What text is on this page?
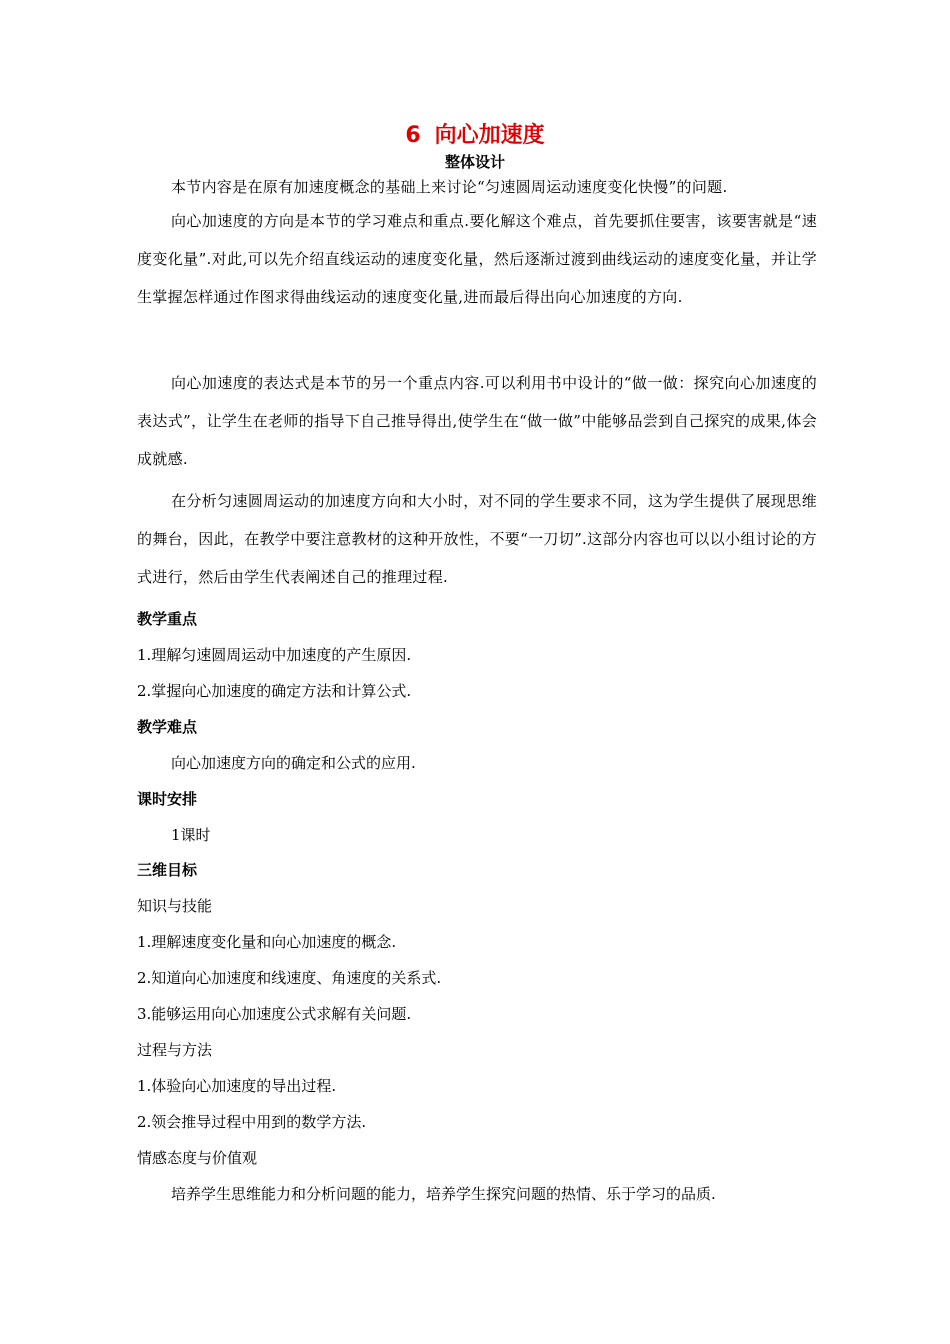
6 向心加速度
整体设计
本节内容是在原有加速度概念的基础上来讨论“匀速圆周运动速度变化快慢”的问题.
向心加速度的方向是本节的学习难点和重点.要化解这个难点，首先要抓住要害，该要害就是“速度变化量”.对此,可以先介绍直线运动的速度变化量，然后逐渐过渡到曲线运动的速度变化量，并让学生掌握怎样通过作图求得曲线运动的速度变化量,进而最后得出向心加速度的方向.
向心加速度的表达式是本节的另一个重点内容.可以利用书中设计的“做一做：探究向心加速度的表达式”，让学生在老师的指导下自己推导得出,使学生在“做一做”中能够品尝到自己探究的成果,体会成就感.
在分析匀速圆周运动的加速度方向和大小时，对不同的学生要求不同，这为学生提供了展现思维的舞台，因此，在教学中要注意教材的这种开放性，不要“一刀切”.这部分内容也可以以小组讨论的方式进行，然后由学生代表阐述自己的推理过程.
教学重点
1.理解匀速圆周运动中加速度的产生原因.
2.掌握向心加速度的确定方法和计算公式.
教学难点
向心加速度方向的确定和公式的应用.
课时安排
1课时
三维目标
知识与技能
1.理解速度变化量和向心加速度的概念.
2.知道向心加速度和线速度、角速度的关系式.
3.能够运用向心加速度公式求解有关问题.
过程与方法
1.体验向心加速度的导出过程.
2.领会推导过程中用到的数学方法.
情感态度与价值观
培养学生思维能力和分析问题的能力，培养学生探究问题的热情、乐于学习的品质.
